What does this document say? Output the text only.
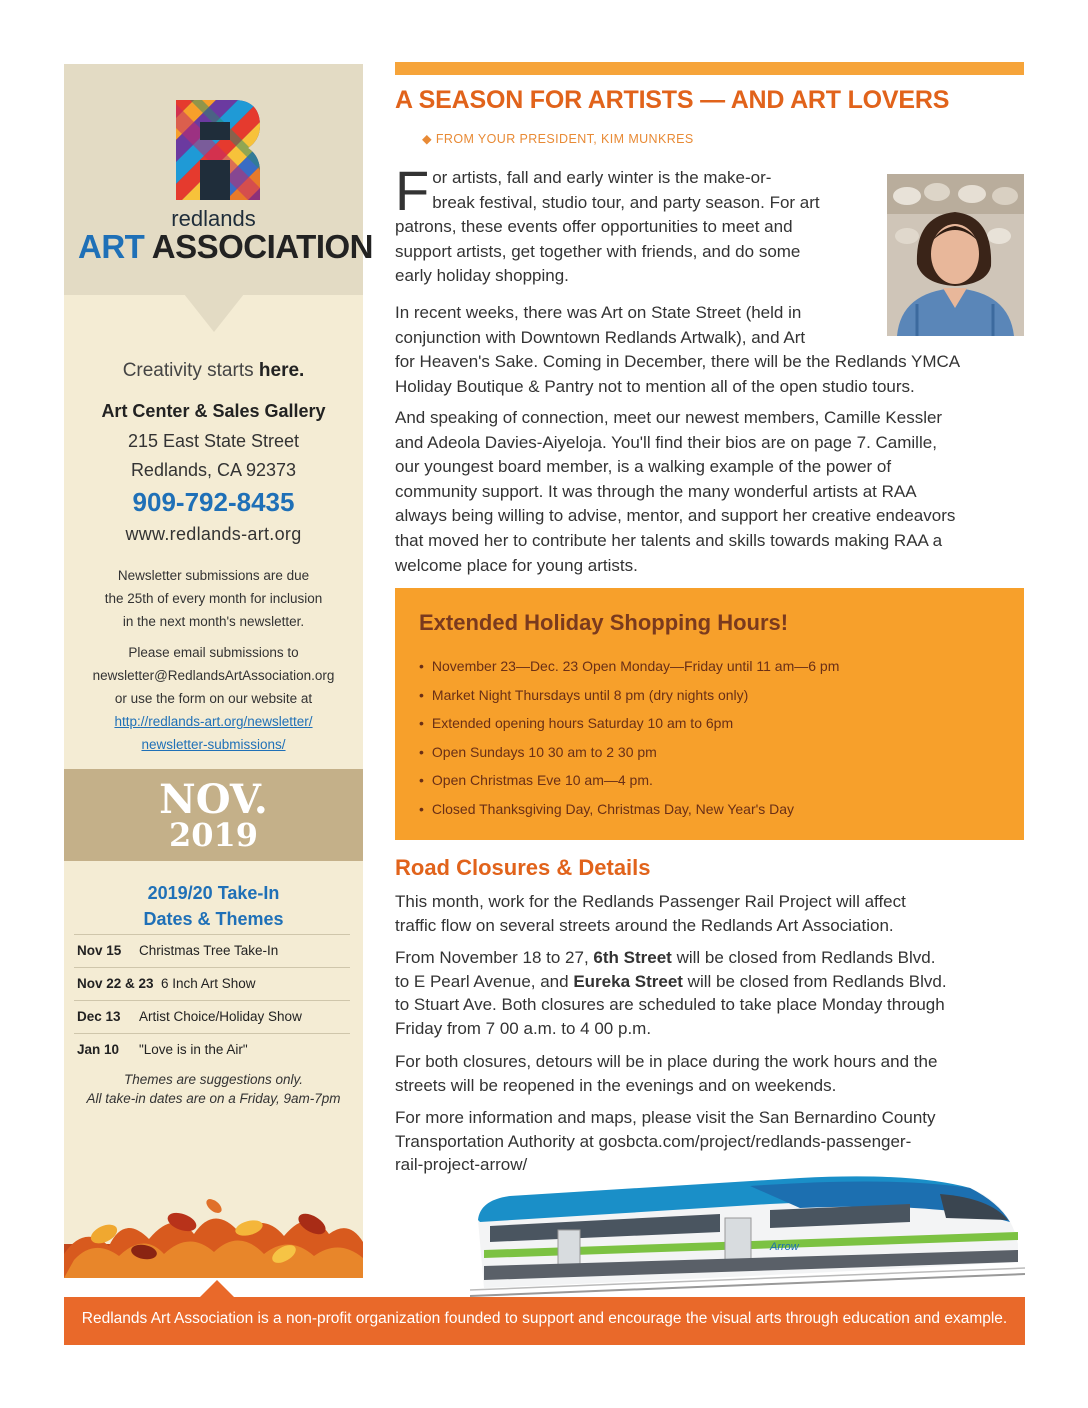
redlands
ART ASSOCIATION
Creativity starts here.
Art Center & Sales Gallery
215 East State Street
Redlands, CA 92373
909-792-8435
www.redlands-art.org
Newsletter submissions are due
the 25th of every month for inclusion
in the next month's newsletter.
Please email submissions to
newsletter@RedlandsArtAssociation.org
or use the form on our website at
http://redlands-art.org/newsletter/
newsletter-submissions/
NOV.
2019
2019/20 Take-In
Dates & Themes
Nov 15 Christmas Tree Take-In
Nov 22 & 23 6 Inch Art Show
Dec 13 Artist Choice/Holiday Show
Jan 10 "Love is in the Air"
Themes are suggestions only.
All take-in dates are on a Friday, 9am-7pm
A SEASON FOR ARTISTS — AND ART LOVERS
◆ FROM YOUR PRESIDENT, KIM MUNKRES
F or artists, fall and early winter is the make-or-
break festival, studio tour, and party season. For art
patrons, these events offer opportunities to meet and
support artists, get together with friends, and do some
early holiday shopping.
In recent weeks, there was Art on State Street (held in
conjunction with Downtown Redlands Artwalk), and Art
for Heaven's Sake. Coming in December, there will be the Redlands YMCA
Holiday Boutique & Pantry not to mention all of the open studio tours.
And speaking of connection, meet our newest members, Camille Kessler
and Adeola Davies-Aiyeloja. You'll find their bios are on page 7. Camille,
our youngest board member, is a walking example of the power of
community support. It was through the many wonderful artists at RAA
always being willing to advise, mentor, and support her creative endeavors
that moved her to contribute her talents and skills towards making RAA a
welcome place for young artists.
Extended Holiday Shopping Hours!
• November 23—Dec. 23 Open Monday—Friday until 11 am—6 pm
• Market Night Thursdays until 8 pm (dry nights only)
• Extended opening hours Saturday 10 am to 6pm
• Open Sundays 10 30 am to 2 30 pm
• Open Christmas Eve 10 am—4 pm.
• Closed Thanksgiving Day, Christmas Day, New Year's Day
Road Closures & Details
This month, work for the Redlands Passenger Rail Project will affect
traffic flow on several streets around the Redlands Art Association.
From November 18 to 27, 6th Street will be closed from Redlands Blvd.
to E Pearl Avenue, and Eureka Street will be closed from Redlands Blvd.
to Stuart Ave. Both closures are scheduled to take place Monday through
Friday from 7 00 a.m. to 4 00 p.m.
For both closures, detours will be in place during the work hours and the
streets will be reopened in the evenings and on weekends.
For more information and maps, please visit the San Bernardino County
Transportation Authority at gosbcta.com/project/redlands-passenger-
rail-project-arrow/
Arrow
Redlands Art Association is a non-profit organization founded to support and encourage the visual arts through education and example.
